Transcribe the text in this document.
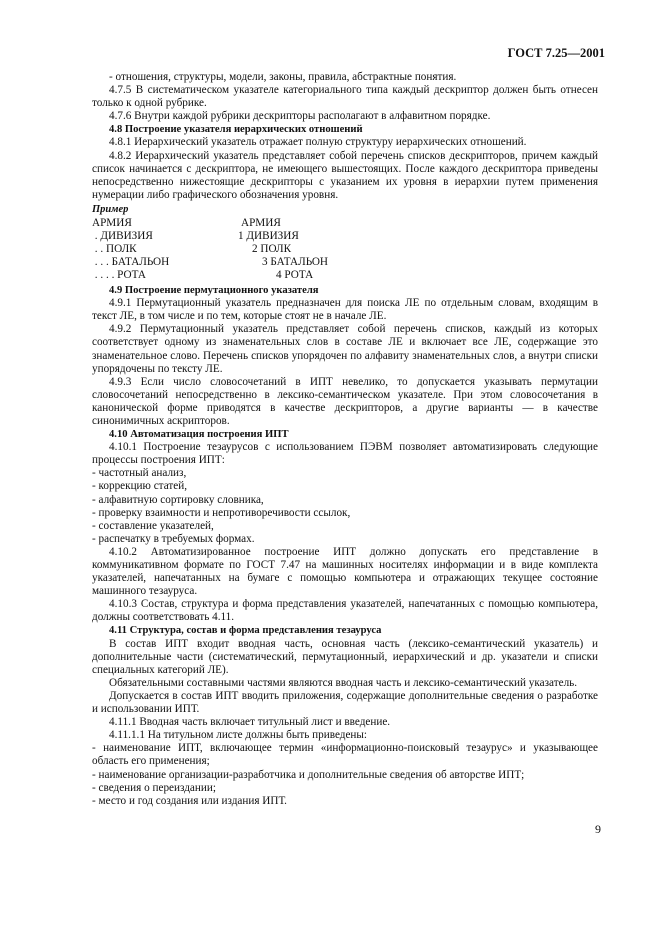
ГОСТ 7.25—2001

- отношения, структуры, модели, законы, правила, абстрактные понятия.

4.7.5 В систематическом указателе категориального типа каждый дескриптор должен быть отнесен только к одной рубрике.

4.7.6 Внутри каждой рубрики дескрипторы располагают в алфавитном порядке.

4.8 Построение указателя иерархических отношений

4.8.1 Иерархический указатель отражает полную структуру иерархических отношений.

4.8.2 Иерархический указатель представляет собой перечень списков дескрипторов, причем каждый список начинается с дескриптора, не имеющего вышестоящих. После каждого дескриптора приведены непосредственно нижестоящие дескрипторы с указанием их уровня в иерархии путем применения нумерации либо графического обозначения уровня.

Пример

АРМИЯ
. ДИВИЗИЯ
. . ПОЛК
. . . БАТАЛЬОН
. . . . РОТА
АРМИЯ
1 ДИВИЗИЯ
2 ПОЛК
3 БАТАЛЬОН
4 РОТА

4.9 Построение пермутационного указателя

4.9.1 Пермутационный указатель предназначен для поиска ЛЕ по отдельным словам, входящим в текст ЛЕ, в том числе и по тем, которые стоят не в начале ЛЕ.

4.9.2 Пермутационный указатель представляет собой перечень списков, каждый из которых соответствует одному из знаменательных слов в составе ЛЕ и включает все ЛЕ, содержащие это знаменательное слово. Перечень списков упорядочен по алфавиту знаменательных слов, а внутри списки упорядочены по тексту ЛЕ.

4.9.3 Если число словосочетаний в ИПТ невелико, то допускается указывать пермутации словосочетаний непосредственно в лексико-семантическом указателе. При этом словосочетания в канонической форме приводятся в качестве дескрипторов, а другие варианты — в качестве синонимичных аскрипторов.

4.10 Автоматизация построения ИПТ

4.10.1 Построение тезаурусов с использованием ПЭВМ позволяет автоматизировать следующие процессы построения ИПТ:

- частотный анализ,

- коррекцию статей,

- алфавитную сортировку словника,

- проверку взаимности и непротиворечивости ссылок,

- составление указателей,

- распечатку в требуемых формах.

4.10.2 Автоматизированное построение ИПТ должно допускать его представление в коммуникативном формате по ГОСТ 7.47 на машинных носителях информации и в виде комплекта указателей, напечатанных на бумаге с помощью компьютера и отражающих текущее состояние машинного тезауруса.

4.10.3 Состав, структура и форма представления указателей, напечатанных с помощью компьютера, должны соответствовать 4.11.

4.11 Структура, состав и форма представления тезауруса

В состав ИПТ входит вводная часть, основная часть (лексико-семантический указатель) и дополнительные части (систематический, пермутационный, иерархический и др. указатели и списки специальных категорий ЛЕ).

Обязательными составными частями являются вводная часть и лексико-семантический указатель.

Допускается в состав ИПТ вводить приложения, содержащие дополнительные сведения о разработке и использовании ИПТ.

4.11.1 Вводная часть включает титульный лист и введение.

4.11.1.1 На титульном листе должны быть приведены:

- наименование ИПТ, включающее термин «информационно-поисковый тезаурус» и указывающее область его применения;

- наименование организации-разработчика и дополнительные сведения об авторстве ИПТ;

- сведения о переиздании;

- место и год создания или издания ИПТ.

9
